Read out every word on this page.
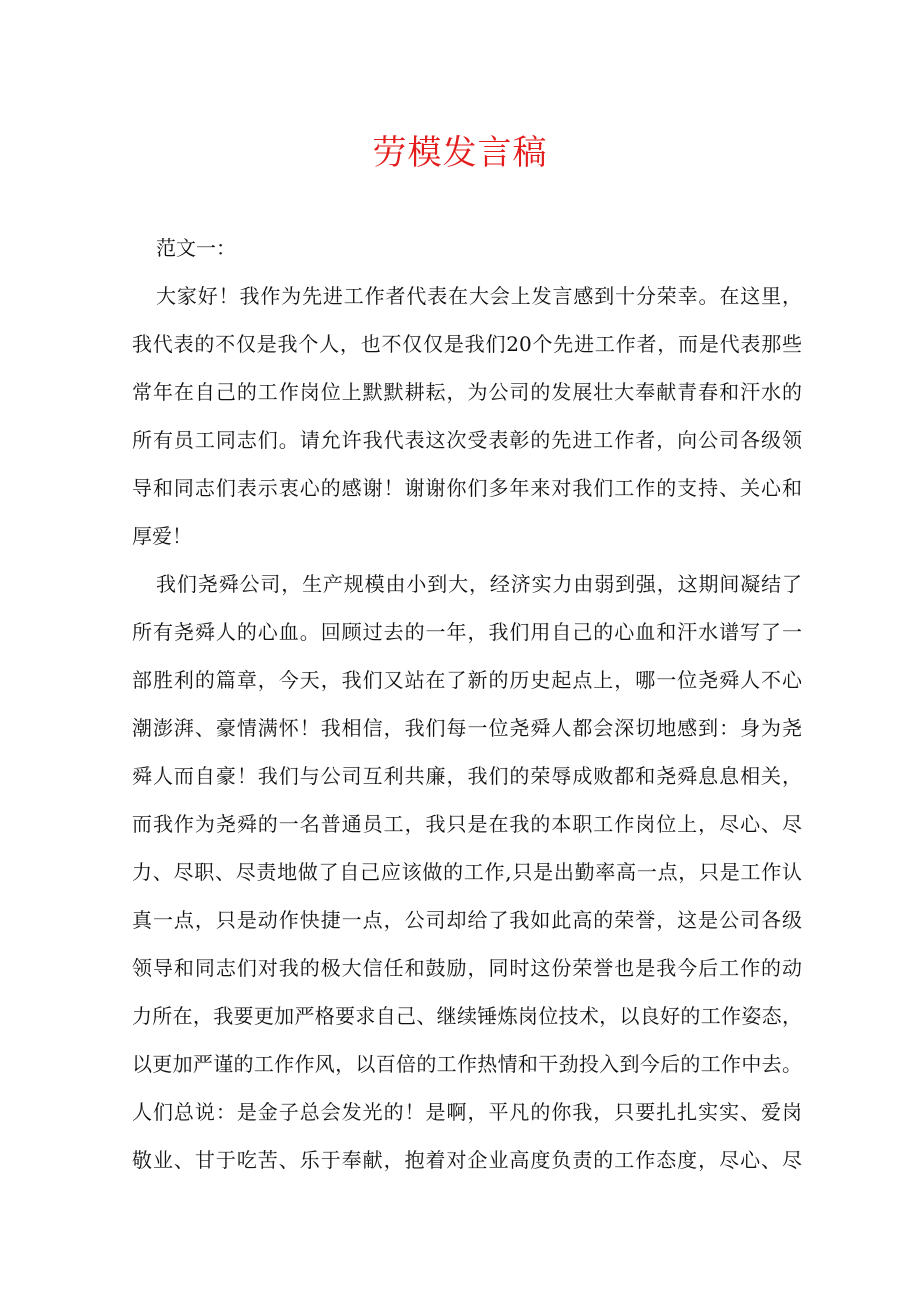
劳模发言稿
范文一：
大家好！我作为先进工作者代表在大会上发言感到十分荣幸。在这里，
我代表的不仅是我个人，也不仅仅是我们20个先进工作者，而是代表那些
常年在自己的工作岗位上默默耕耘，为公司的发展壮大奉献青春和汗水的
所有员工同志们。请允许我代表这次受表彰的先进工作者，向公司各级领
导和同志们表示衷心的感谢！谢谢你们多年来对我们工作的支持、关心和
厚爱！
我们尧舜公司，生产规模由小到大，经济实力由弱到强，这期间凝结了
所有尧舜人的心血。回顾过去的一年，我们用自己的心血和汗水谱写了一
部胜利的篇章，今天，我们又站在了新的历史起点上，哪一位尧舜人不心
潮澎湃、豪情满怀！我相信，我们每一位尧舜人都会深切地感到：身为尧
舜人而自豪！我们与公司互利共廉，我们的荣辱成败都和尧舜息息相关，
而我作为尧舜的一名普通员工，我只是在我的本职工作岗位上，尽心、尽
力、尽职、尽责地做了自己应该做的工作,只是出勤率高一点，只是工作认
真一点，只是动作快捷一点，公司却给了我如此高的荣誉，这是公司各级
领导和同志们对我的极大信任和鼓励，同时这份荣誉也是我今后工作的动
力所在，我要更加严格要求自己、继续锤炼岗位技术，以良好的工作姿态，
以更加严谨的工作作风，以百倍的工作热情和干劲投入到今后的工作中去。
人们总说：是金子总会发光的！是啊，平凡的你我，只要扎扎实实、爱岗
敬业、甘于吃苦、乐于奉献，抱着对企业高度负责的工作态度，尽心、尽
